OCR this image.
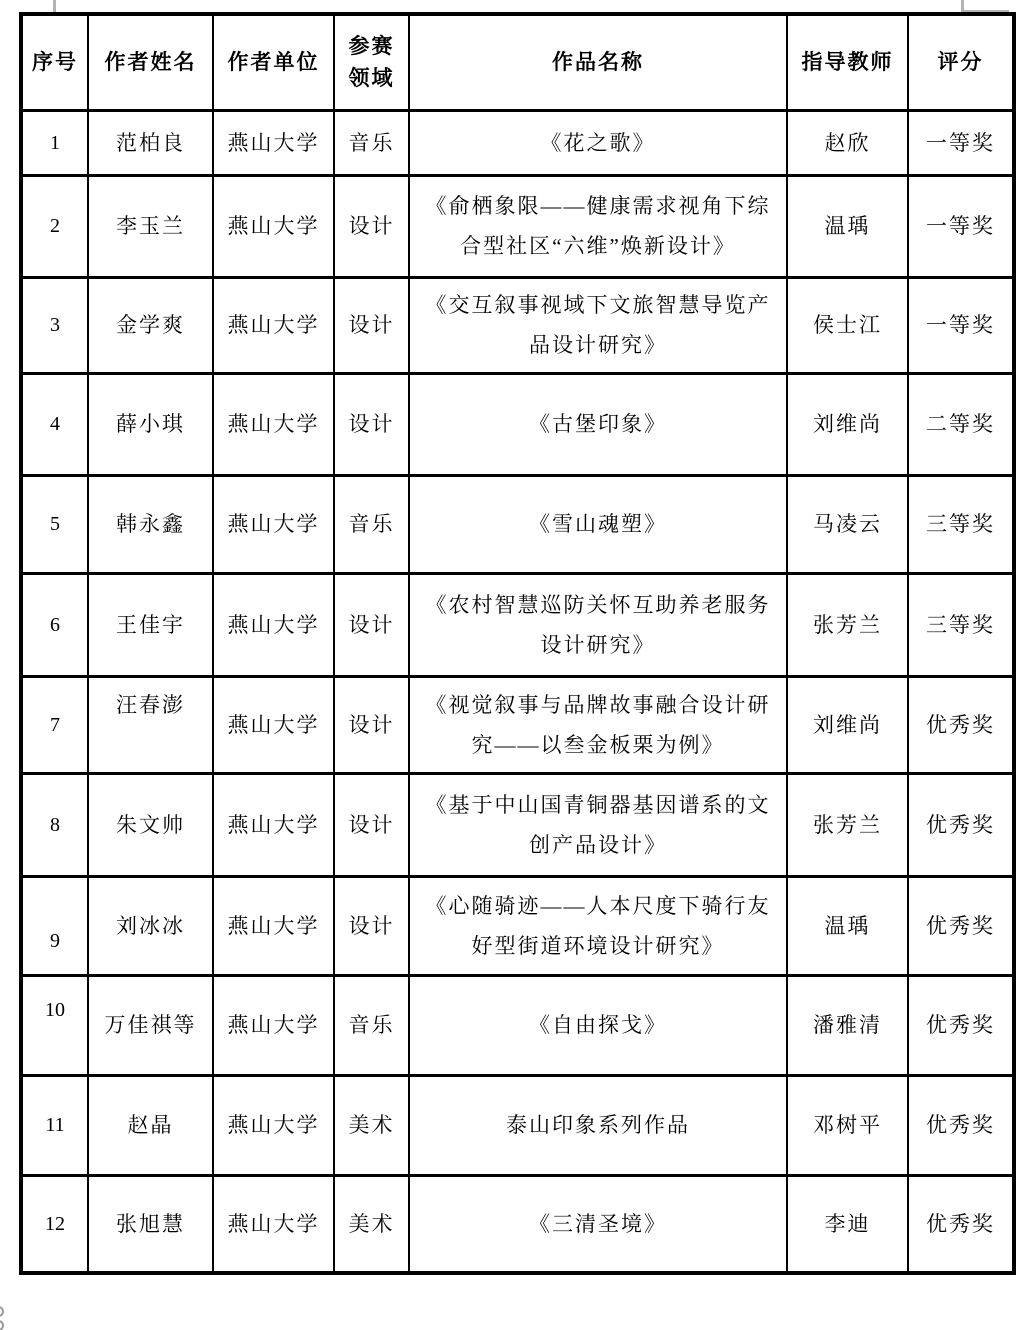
序号	作者姓名	作者单位	参赛领域	作品名称	指导教师	评分
1	范柏良	燕山大学	音乐	《花之歌》	赵欣	一等奖
2	李玉兰	燕山大学	设计	《俞栖象限——健康需求视角下综合型社区“六维”焕新设计》	温瑀	一等奖
3	金学爽	燕山大学	设计	《交互叙事视域下文旅智慧导览产品设计研究》	侯士江	一等奖
4	薛小琪	燕山大学	设计	《古堡印象》	刘维尚	二等奖
5	韩永鑫	燕山大学	音乐	《雪山魂塑》	马凌云	三等奖
6	王佳宇	燕山大学	设计	《农村智慧巡防关怀互助养老服务设计研究》	张芳兰	三等奖
7	汪春澎	燕山大学	设计	《视觉叙事与品牌故事融合设计研究——以叁金板栗为例》	刘维尚	优秀奖
8	朱文帅	燕山大学	设计	《基于中山国青铜器基因谱系的文创产品设计》	张芳兰	优秀奖
9	刘冰冰	燕山大学	设计	《心随骑迹——人本尺度下骑行友好型街道环境设计研究》	温瑀	优秀奖
10	万佳祺等	燕山大学	音乐	《自由探戈》	潘雅清	优秀奖
11	赵晶	燕山大学	美术	泰山印象系列作品	邓树平	优秀奖
12	张旭慧	燕山大学	美术	《三清圣境》	李迪	优秀奖
